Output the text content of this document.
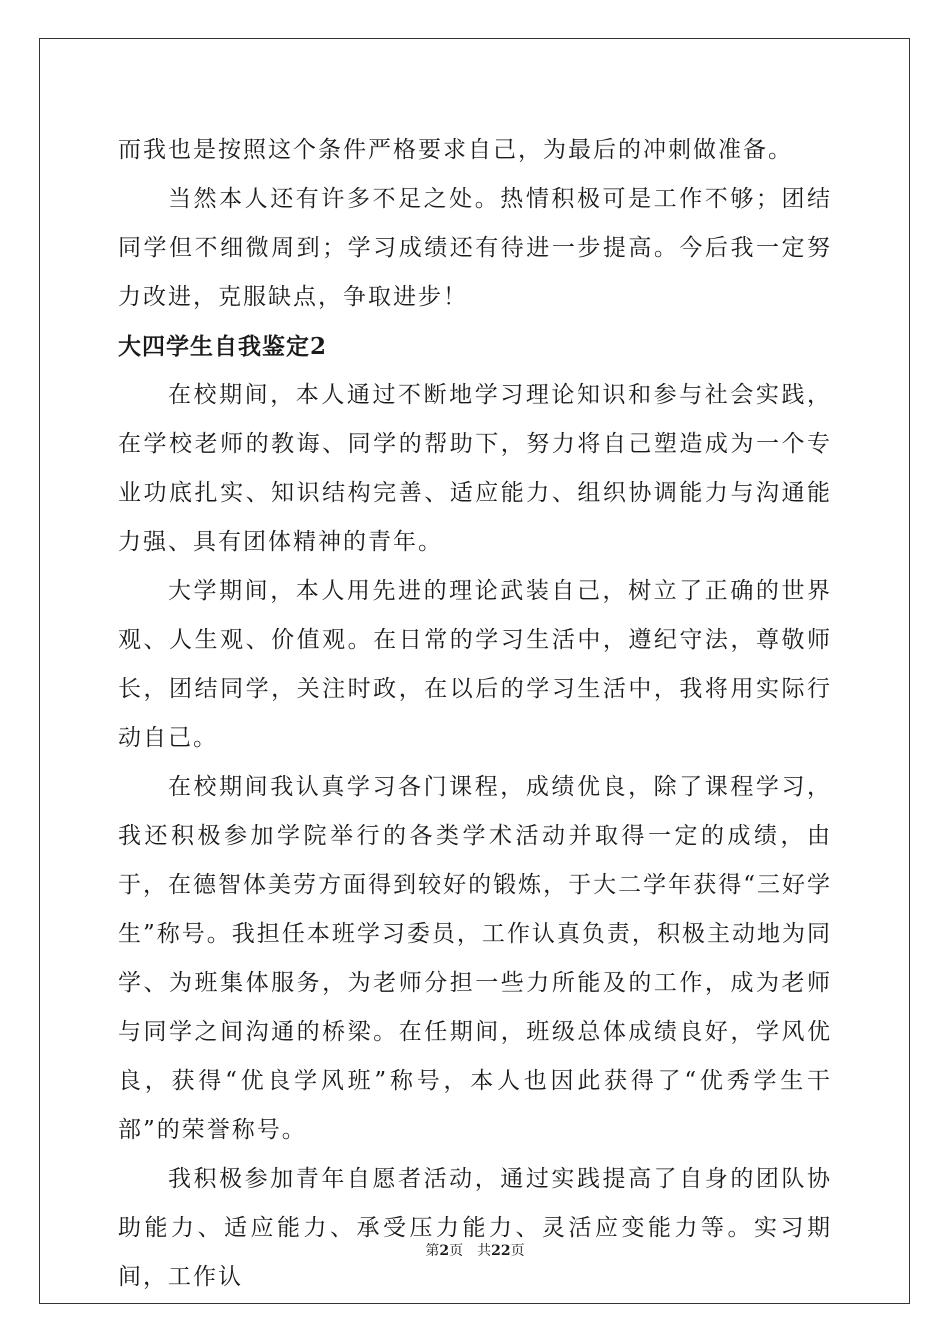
而我也是按照这个条件严格要求自己，为最后的冲刺做准备。

当然本人还有许多不足之处。热情积极可是工作不够；团结同学但不细微周到；学习成绩还有待进一步提高。今后我一定努力改进，克服缺点，争取进步！

大四学生自我鉴定2

在校期间，本人通过不断地学习理论知识和参与社会实践，在学校老师的教诲、同学的帮助下，努力将自己塑造成为一个专业功底扎实、知识结构完善、适应能力、组织协调能力与沟通能力强、具有团体精神的青年。

大学期间，本人用先进的理论武装自己，树立了正确的世界观、人生观、价值观。在日常的学习生活中，遵纪守法，尊敬师长，团结同学，关注时政，在以后的学习生活中，我将用实际行动自己。

在校期间我认真学习各门课程，成绩优良，除了课程学习，我还积极参加学院举行的各类学术活动并取得一定的成绩，由于，在德智体美劳方面得到较好的锻炼，于大二学年获得“三好学生”称号。我担任本班学习委员，工作认真负责，积极主动地为同学、为班集体服务，为老师分担一些力所能及的工作，成为老师与同学之间沟通的桥梁。在任期间，班级总体成绩良好，学风优良，获得“优良学风班”称号，本人也因此获得了“优秀学生干部”的荣誉称号。

我积极参加青年自愿者活动，通过实践提高了自身的团队协助能力、适应能力、承受压力能力、灵活应变能力等。实习期间，工作认

第2页 共22页
